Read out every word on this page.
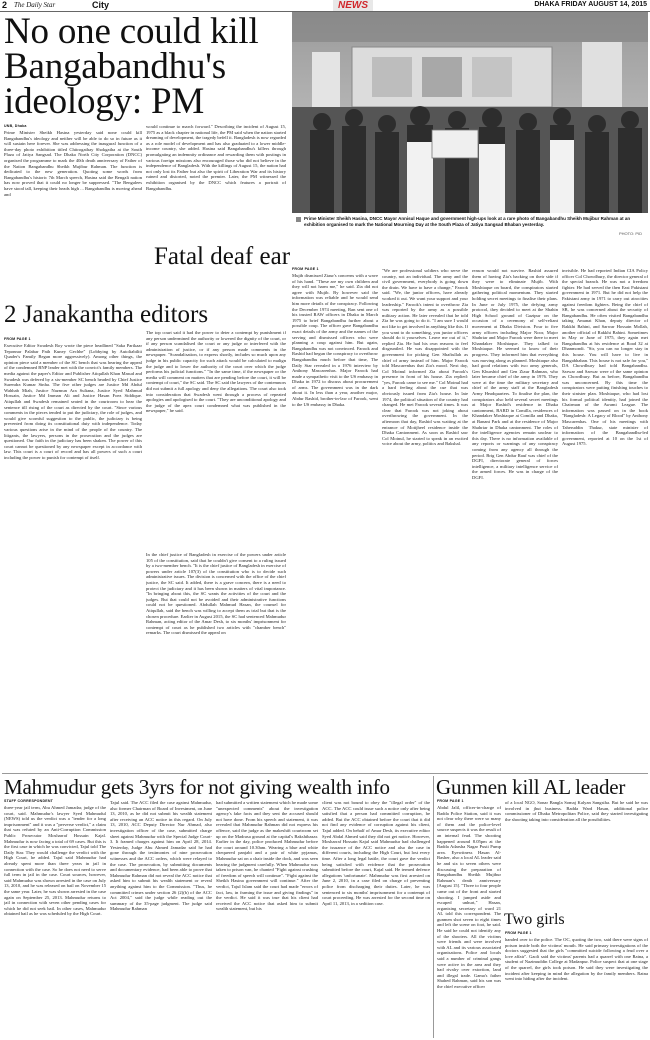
2 The Daily Star	City	NEWS	DHAKA FRIDAY AUGUST 14, 2015
No one could kill Bangabandhu's ideology: PM
UNB, Dhaka
Prime Minister Sheikh Hasina yesterday said none could kill Bangabandhu's ideology and neither will be able to do so in future as it will sustain here forever. She was addressing the inaugural function of a three-day photo exhibition titled Chitrogathay Shokgatha at the South Plaza of Jatiya Sangsad. The Dhaka North City Corporation (DNCC) organised the programme to mark the 40th death anniversary of Father of the Nation Bangabandhu Sheikh Mujibur Rahman. The function is dedicated to the new generation. Quoting some words from Bangabandhu's historic 7th March speech, Hasina said the Bengali nation has now proved that it could no longer be suppressed. "The Bengalees have stood tall, keeping their heads high ... Bangabandhu is moving ahead and
would continue to march forward." Describing the incident of August 15, 1975 as a black chapter in national life, the PM said when the nation started dreaming of development, the tragedy befell it. Bangladesh is now regarded as a role model of development and has also graduated to a lower middle-income country, she added. Hasina said Bangabandhu's killers through promulgating an indemnity ordinance and rewarding them with postings in various foreign missions also encouraged those who did not believe in the independence of Bangladesh. With the killings of August 15, the nation had not only lost its Father but also the spirit of Liberation War and its history ruined and distorted, noted the premier. Later, the PM witnessed the exhibition organised by the DNCC which features a portrait of Bangabandhu.
Prime Minister Sheikh Hasina, DNCC Mayor Annisul Haque and government high-ups look at a rare photo of Bangabandhu Sheikh Mujibur Rahman at an exhibition organised to mark the National Mourning Day at the South Plaza of Jatiya Sangsad Bhaban yesterday.
PHOTO: PID
2 Janakantha editors
FROM PAGE 1
Executive Editor Swadesh Roy wrote the piece headlined "Saka Parikaar Teponnar Palabar Path Kuney Gechhe" (Lobbying by Autoliabiliti Quader's Family Began more aggressively). Among other things, the opinion piece said a member of the SC bench that was hearing the appeal of the condemned BNP leader met with the convict's family members. The media against the paper's Editor and Publisher Atiqullah Khan Masud and Swadesh was defered by a six-member SC bench headed by Chief Justice Surendra Kumar Sinha. The five other judges are Justice Md Abdul Wahhab Miah, Justice Nazmun Ara Sultana, Justice Syed Mahmud Hossain, Justice Md Imman Ali and Justice Hasan Foez Siddique. Atiqullah and Swadesh remained seated in the courtroom to hear the sentence till rising of the court as directed by the court. "Since various comments in the pieces tended to put the judiciary, the role of judges, and would give scornful suggestion to the public, the judiciary is being prevented from doing its constitutional duty with independence. Today various questions arise in the mind of the people of the country. The litigants, the lawyers, persons in the prosecution and the judges are questioned. Our faith in the judiciary has been shaken. The power of this court cannot be questioned by any newspaper except in accordance with law. This court is a court of record and has all powers of such a court including the power to punish for contempt of itself.
The top court said it had the power to deter a contempt by punishment if any person undermined the authority or lowered the dignity of the court, or if any person scandalised the court or any judge or interfered with the administration of justice, or if any person made comments in the newspaper. "Scandalisation, to express shortly, includes so much upon any judge in his public capacity for such attack would be calculated to malign the judge and to lower the authority of the court over which the judge performs his judicial functions." "In the same time, if the newspaper or the media will comment on matters that are pending before the court, it will be contempt of court," the SC said. The SC said the lawyers of the contemnors did not submit a full apology and deny the allegations. The court also took into consideration that Swadesh went through a process of repeated apologies and apologised to the court. "They are unconditional apology and the judge of the apex court condemned what was published in the newspaper," he said.
In the chief justice of Bangladesh in exercise of the powers under article 105 of the constitution, said that he couldn't give consent to a ruling issued by a two-member bench. "It is the chief justice of Bangladesh in exercise of powers under article 107(3) of the constitution who is to decide such administrative issues. The division is concerned with the office of the chief justice, the SC said. It added, there is a grave concern, there is a need to protect the judiciary and it has been shown in matters of vital importance. "In bringing about this, the SC wants the activities of the court and the judges. But that could not be avoided and their administrative functions could not be questioned. Abdullah Mahmud Hasan, the counsel for Atiqullah, said the bench was willing to accept them as trial but that is the chosen procedure. Earlier in August 2015, the SC had sentenced Mahmudur Rahman, acting editor of the Amar Desh, to six months' imprisonment for contempt of court as he published two articles with "chamber bench" remarks. The court dismissed the appeal on
Fatal deaf ear FROM PAGE 1
Mujib dismissed Ziaur's concerns with a wave of his hand. "These are my own children and they will not harm me," he said. Zia did not agree with Mujib. By however said the information was reliable and he would send him more details of the conspiracy. Following the December 1974 meeting, Ran sent one of his trusted RAW officers in Dhaka in March 1975 to brief Bangabandhu further about a possible coup. The officer gave Bangabandhu exact details of the army and the names of the serving and dismissed officers who were planning a coup against him. But again, Bangabandhu was not convinced. Farook and Rashid had begun the conspiracy to overthrow Bangabandhu much before that time, The Daily Star revealed in a 1976 interview by Anthony Mascarenhas. Major Farook had made a sympathetic visit to the US embassy in Dhaka in 1972 to discuss about procurement of arms. The government was in the dark about it. In less than a year, another major, Abdur Rashid, brother-in-law of Farook, went to the US embassy in Dhaka.
"We are professional soldiers who serve the country, not an individual. The army and the civil government, everybody is going down the drain. We have to have a change," Farook said. "We, the junior officers, have already worked it out. We want your support and your leadership." Farook's intent to overthrow Zia was reported by the army as a possible military action. He later revealed that he told Zia he was going to do it. "I am sure I would not like to get involved in anything like this. If you want to do something, you junior officers should do it yourselves. Leave me out of it," replied Zia. He had his own reasons to feel disgruntled. He was disappointed with the government for picking Gen Shafiullah as chief of army instead of him. Major Farook told Mascarenhas that Zia's mood. Next day, Col Moinul informed Zia about Farook's presence in front of his house. Zia replied: "yes, Farook came to see me." Col Moinul had a hard feeling about the cue that was obviously issued from Zia's house. In late 1974, the political situation of the country had changed. He met Farook several times. It was clear that Farook was not joking about overthrowing the government. In the afternoon that day, Rashid was waiting at the entrance of Motijheel residence inside the Dhaka Cantonment. As soon as Rashid saw Col Moinul, he started to speak in an excited voice about the army, politics and Bakshal.
reason would not survive. Rashid assured them of having Zia's backing on their side if they were to eliminate Mujib. With Moshtaque on board, the conspirators started gathering political momentum. They started holding secret meetings to finalise their plans. In June or July 1975, the defying army protocol, they decided to meet at the Shahin High School ground of Gazipur on the occasion of a ceremony of self-reliant movement at Dhaka Division. Four to five army officers including Major Noor, Major Shahriar and Major Farook were there to meet Khandaker Moshtaque. They talked to Moshtaque. He seemed to know of their progress. They informed him that everything was moving along as planned. Moshtaque also had good relations with two army generals, Gen Khurshid and Gen Ziaur Rahman, who later became chief of the army in 1976. They were at the time the military secretary and chief of the army staff at the Bangladesh Army Headquarters. To finalise the plan, the conspirators also held several secret meetings at Major Rashid's residence in Dhaka cantonment, BARD in Comilla, residences of Khandaker Moshtaque at Comilla and Dhaka, at Banani Park and at the residence of Major Shahriar in Dhaka cantonment. The roles of the intelligence agencies remain unclear to this day. There is no information available of any reports or warnings of any conspiracy coming from any agency all through the period. Brig Gen Abdur Rauf was chief of the DGFI, directorate general of forces intelligence, a military intelligence service of the armed forces. He was in charge of the DGFI.
invisible. He had reported Indian CIA Policy officer Col Chowdhury, the director general of the special branch. He was not a freedom fighter. He had served the then East Pakistani government in 1971. But he did not help the Pakistani army in 1971 to carry out atrocities against freedom fighters. Being the chief of SB, he was concerned about the security of Bangabandhu. He often visited Bangabandhu taking Amanat Khan, deputy director of Rakkhi Bahini, and Sarwar Hossain Mollah, another official of Rakkhi Bahini. Sometimes in May or June of 1975, they again met Bangabandhu at his residence at Road 32 at Dhanmondi. "Sir, you can no longer stay in this house. You will have to live in Bangabhaban. This house is not safe for you," DA Chowdhury had told Bangabandhu. Sarwar and Sarwar were of the same opinion as Chowdhury. But as before, Bangabandhu was unconcerned. By this time the conspirators were putting finishing touches to their sinister plan. Moshtaque, who had lost his formal political identity, had joined the Chairman of the Awami League. The information was passed on in the book "Bangladesh: A Legacy of Blood" by Anthony Mascarenhas. One of his meetings with Taheruddin Thakur, state minister of information of the Bangabandhu-led government, reported at 10 on the 1st of August 1975.
Mahmudur gets 3yrs for not giving wealth info
STAFF CORRESPONDENT
three-year jail term, Abu Ahmed Jamadar, judge of the court, said. Mahmudur's lawyer Syed Mahmudul (NEWS) told us the verdict was a "tender for a long imprisonment" and it was a "perverse verdict," a claim that was refuted by an Anti-Corruption Commission Public Prosecutor Mosharraf Hossain Kajal. Mahmudur is now facing a total of 69 cases. But this is the first case in which he was convicted, Tajul told The Daily Star. They would challenge the verdict with the High Court, he added. Tajul said Mahmudur had already spent more than three years in jail in connection with the case. So he does not need to serve full term in jail in the case. Court sources, however, said Mahmudur was shown arrested in the case on July 13, 2010, and he was released on bail on November 15 the same year. Later, he was shown arrested in the case again on September 25, 2013. Mahmudur returns to jail in connection with seven other pending cases for which he did not seek bail. In other cases, Mahmudur obtained bail as he was scheduled by the High Court.
Tajul said. The ACC filed the case against Mahmudur, also former Chairman of Board of Investment, on June 13, 2010, as he did not submit his wealth statement after receiving an ACC notice in this regard. On July 13, 2010, ACC Deputy Director Nur Ahmad, also investigation officer of the case, submitted charge sheet against Mahmudur with the Special Judge Court-3. It framed charges against him on April 28, 2014. Yesterday, Judge Abu Ahmed Jamadar said he had gone through the testimonies of nine prosecution witnesses and the ACC orders, which were relayed to the case. The prosecution, by submitting documents and documentary evidence, had been able to prove that Mahmudur Rahman did not reveal the ACC notice that asked him to submit his wealth statement or reveal anything against him to the Commission. "Thus, he committed crimes under section 26 (2)(b) of the ACC Act 2004," said the judge while reading out the summary of the 35-page judgment. The judge said Mahmudur Rahman
had submitted a written statement which he made some "unexpected comments" about the investigation agency's fake facts and they sent the accused should not have done. From his speech and statement, it was revealed that Mahmudur Rahman did not express his offence, said the judge as the makeshift courtroom set up on the Madrasa ground at the capital's Bakshibazar. Earlier in the day, police produced Mahmudur before the court around 10.30am. Wearing a blue and white chequered panjabi and a pair of white pyjamas, Mahmudur sat on a chair inside the dock, and was seen hearing the judgment carefully. When Mahmudur was taken to prison van, he chanted "Fight against crushing of freedom of speech will continue". "Fight against the Sheikh Hasina government will continue." After the verdict, Tajul Islam said the court had made "errors of fact, law, in framing the issue and giving findings" in the verdict. He said it was true that his client had received the ACC notice that asked him to submit wealth statement, but his
client was not bound to obey the "illegal order" of the ACC. The ACC could issue such a notice only after being satisfied that a person had committed corruption, he added. But the ACC obtained before the court that it did not find any evidence of corruption against his client, Tajul added. On behalf of Amar Desh, its executive editor Syed Abdal Ahmed said they did not get notice. However, Mosharraf Hossain Kajal said Mahmudur had challenged the issuance of the ACC notice and also the case in different courts, including the High Court, but lost every time. After a long legal battle, the court gave the verdict being satisfied with evidence that the prosecution submitted before the court, Kajal said. He termed defence allegations 'unfortunate'. Mahmudur was first arrested on June 2, 2010, in a case filed on charge of preventing police from discharging their duties. Later, he was sentenced to six months' imprisonment for a contempt of court proceeding. He was arrested for the second time on April 11, 2013, in a sedition case.
Gunmen kill AL leader
FROM PAGE 1
Abdul Jalil, officer-in-charge of Badda Police Station, said it was not clear why there were so many of them and the police-level source suspects it was the result of an internal feud. The shooting happened around 8.05pm at the Badda Adarsha Nagar Pusti Pump area. Eyewitness Hasan Al-Basher, also a local AL leader said he and six to seven others were discussing the preparation of Bangabandhu Sheikh Mujibur Rahman's death anniversary [August 15]. "Three to four people came out of the front and started shooting. I jumped aside and escaped unhurt," Hasan, organising secretary of ward 21 AL told this correspondent. The gunmen shot seven to eight times and left the scene on foot, he said. He said he could not identify any of the shooters. All the victims were friends and were involved with AL and its various associated organisations. Police and locals said a number of criminal gangs were active in the area and they had rivalry over extortion, land and illegal trade. Gama's father Shahed Rahman, said his son was the chief executive officer
of a local NGO, Sonar Bangla Somaj Kalyan Sangstha. But he said he was involved in jhut business. Badda Ward Hasan, additional police commissioner of Dhaka Metropolitan Police, said they started investigating the shooting taking into consideration all the possibilities.
Two girls
FROM PAGE 1
handed over to the police. The OC, quoting the two, said there were signs of poison inside both the victims' mouth. He said primary investigations of the doctors suggested that the girls "committed suicide following a feud over a love affair". Gaoli said the victims' parents had a quarrel with one Ratna, a student of Nazimuddin College at Madanpur. Police suspect that at one stage of the quarrel, the girls took poison. He said they were investigating the incident after keeping in mind the allegation by the family members. Ratna went into hiding after the incident.
